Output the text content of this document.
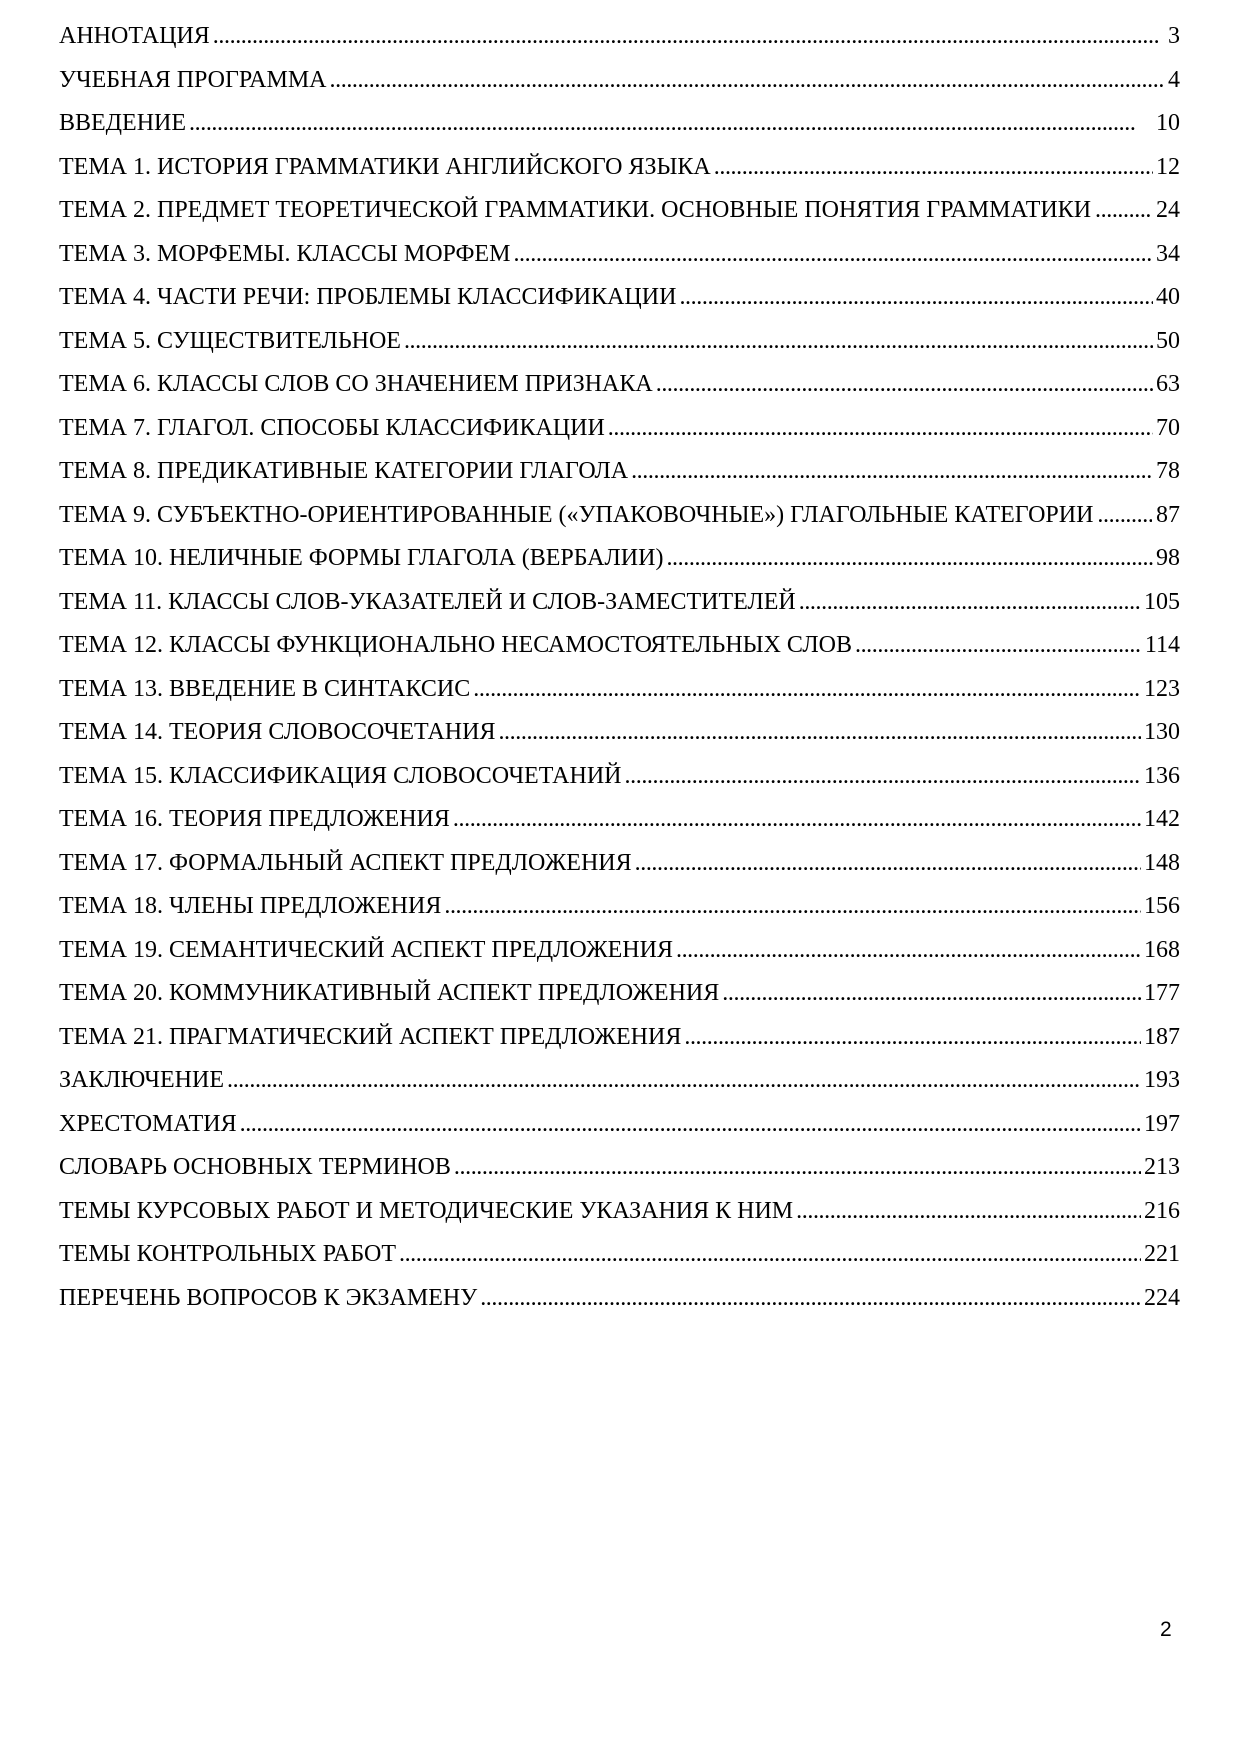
АННОТАЦИЯ . . .	3
УЧЕБНАЯ ПРОГРАММА . . .	4
ВВЕДЕНИЕ . . .	10
ТЕМА 1. ИСТОРИЯ ГРАММАТИКИ АНГЛИЙСКОГО ЯЗЫКА . . .	12
ТЕМА 2. ПРЕДМЕТ ТЕОРЕТИЧЕСКОЙ ГРАММАТИКИ. ОСНОВНЫЕ ПОНЯТИЯ ГРАММАТИКИ . . .	24
ТЕМА 3. МОРФЕМЫ. КЛАССЫ МОРФЕМ . . .	34
ТЕМА 4. ЧАСТИ РЕЧИ: ПРОБЛЕМЫ КЛАССИФИКАЦИИ . . .	40
ТЕМА 5. СУЩЕСТВИТЕЛЬНОЕ . . .	50
ТЕМА 6. КЛАССЫ СЛОВ СО ЗНАЧЕНИЕМ ПРИЗНАКА . . .	63
ТЕМА 7. ГЛАГОЛ. СПОСОБЫ КЛАССИФИКАЦИИ . . .	70
ТЕМА 8. ПРЕДИКАТИВНЫЕ КАТЕГОРИИ ГЛАГОЛА . . .	78
ТЕМА 9. СУБЪЕКТНО-ОРИЕНТИРОВАННЫЕ («УПАКОВОЧНЫЕ») ГЛАГОЛЬНЫЕ КАТЕГОРИИ . . .	87
ТЕМА 10. НЕЛИЧНЫЕ ФОРМЫ ГЛАГОЛА (ВЕРБАЛИИ) . . .	98
ТЕМА 11. КЛАССЫ СЛОВ-УКАЗАТЕЛЕЙ И СЛОВ-ЗАМЕСТИТЕЛЕЙ . . .	105
ТЕМА 12. КЛАССЫ ФУНКЦИОНАЛЬНО НЕСАМОСТОЯТЕЛЬНЫХ СЛОВ . . .	114
ТЕМА 13. ВВЕДЕНИЕ В СИНТАКСИС . . .	123
ТЕМА 14. ТЕОРИЯ СЛОВОСОЧЕТАНИЯ . . .	130
ТЕМА 15. КЛАССИФИКАЦИЯ СЛОВОСОЧЕТАНИЙ . . .	136
ТЕМА 16. ТЕОРИЯ ПРЕДЛОЖЕНИЯ . . .	142
ТЕМА 17. ФОРМАЛЬНЫЙ АСПЕКТ ПРЕДЛОЖЕНИЯ . . .	148
ТЕМА 18. ЧЛЕНЫ ПРЕДЛОЖЕНИЯ . . .	156
ТЕМА 19. СЕМАНТИЧЕСКИЙ АСПЕКТ ПРЕДЛОЖЕНИЯ . . .	168
ТЕМА 20. КОММУНИКАТИВНЫЙ АСПЕКТ ПРЕДЛОЖЕНИЯ . . .	177
ТЕМА 21. ПРАГМАТИЧЕСКИЙ АСПЕКТ ПРЕДЛОЖЕНИЯ . . .	187
ЗАКЛЮЧЕНИЕ . . .	193
ХРЕСТОМАТИЯ . . .	197
СЛОВАРЬ ОСНОВНЫХ ТЕРМИНОВ . . .	213
ТЕМЫ КУРСОВЫХ РАБОТ И МЕТОДИЧЕСКИЕ УКАЗАНИЯ К НИМ . . .	216
ТЕМЫ КОНТРОЛЬНЫХ РАБОТ . . .	221
ПЕРЕЧЕНЬ ВОПРОСОВ К ЭКЗАМЕНУ . . .	224
2
